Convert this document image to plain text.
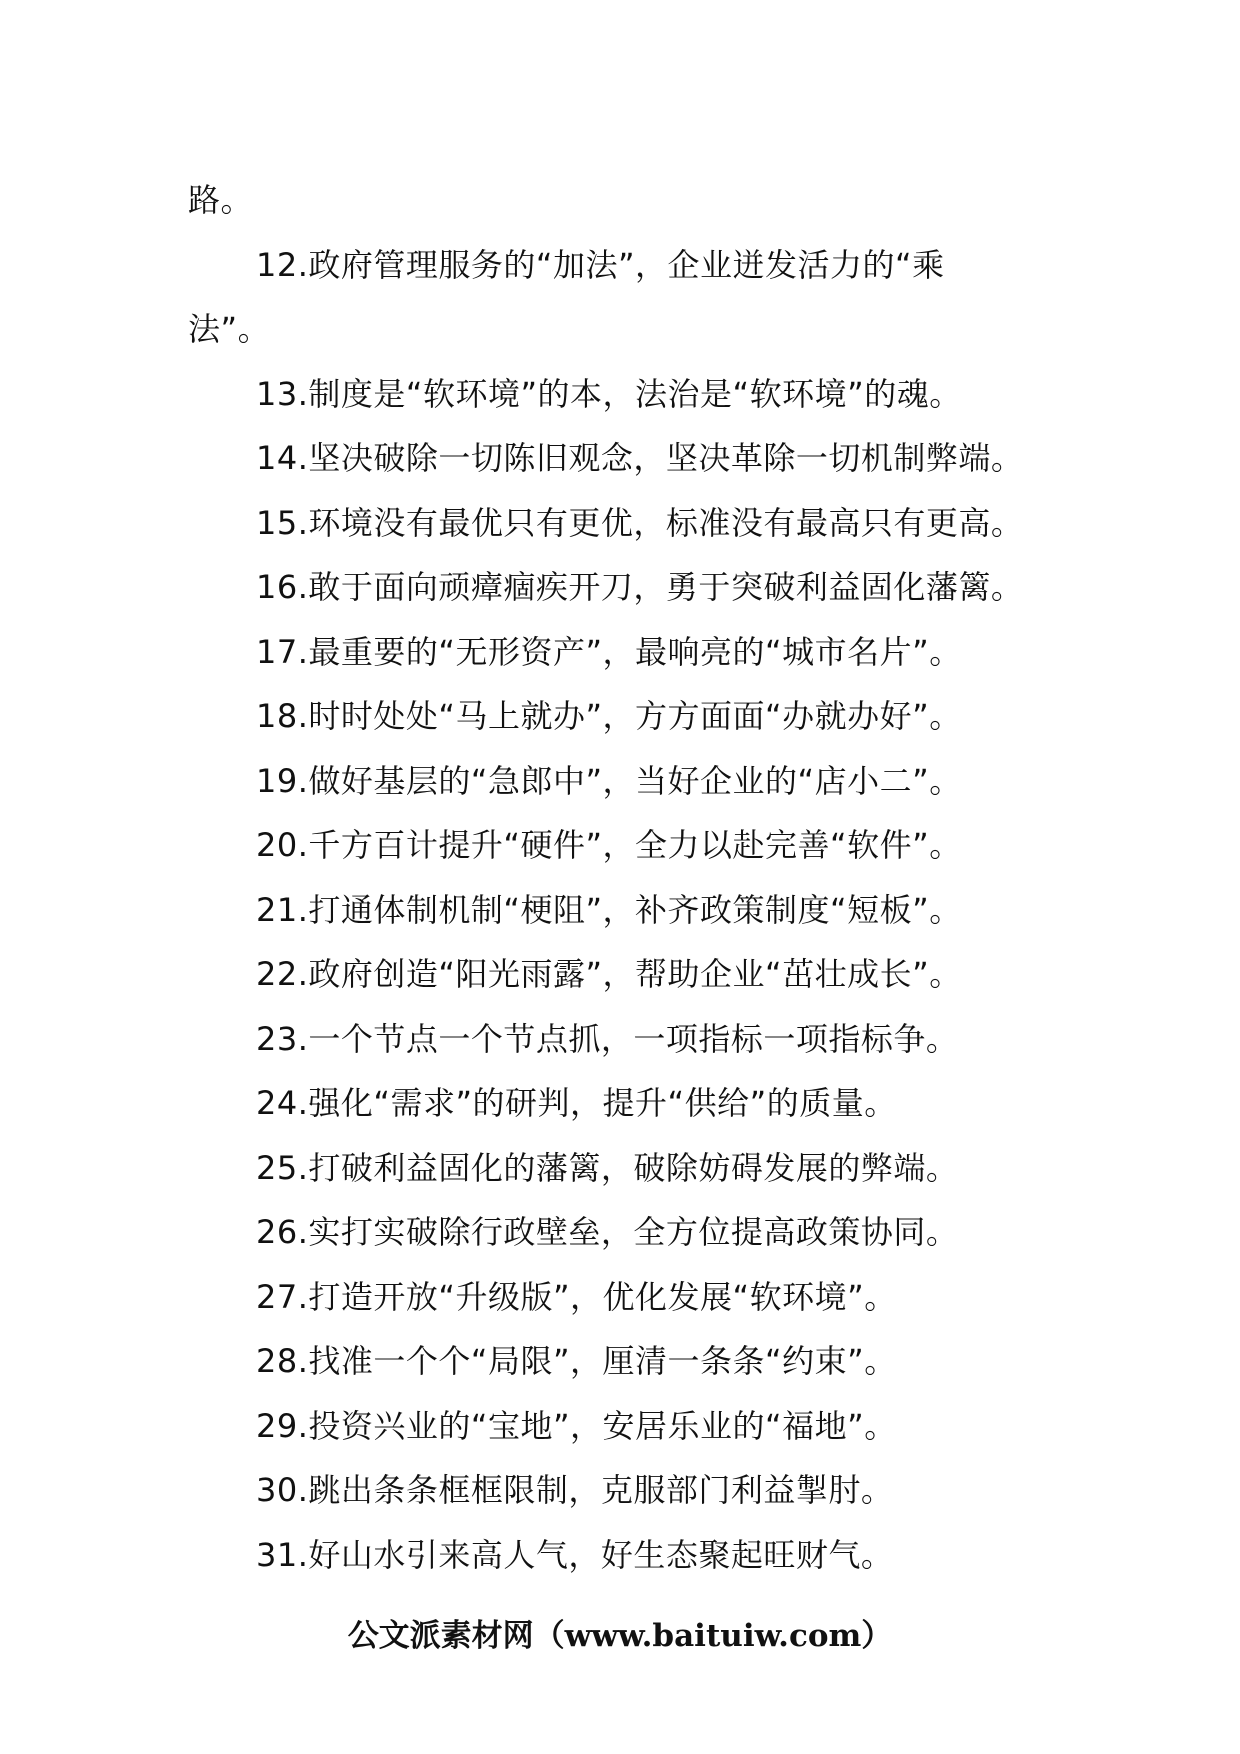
路。
12.政府管理服务的“加法”，企业迸发活力的“乘
法”。
13.制度是“软环境”的本，法治是“软环境”的魂。
14.坚决破除一切陈旧观念，坚决革除一切机制弊端。
15.环境没有最优只有更优，标准没有最高只有更高。
16.敢于面向顽瘴痼疾开刀，勇于突破利益固化藩篱。
17.最重要的“无形资产”，最响亮的“城市名片”。
18.时时处处“马上就办”，方方面面“办就办好”。
19.做好基层的“急郎中”，当好企业的“店小二”。
20.千方百计提升“硬件”，全力以赴完善“软件”。
21.打通体制机制“梗阻”，补齐政策制度“短板”。
22.政府创造“阳光雨露”，帮助企业“茁壮成长”。
23.一个节点一个节点抓，一项指标一项指标争。
24.强化“需求”的研判，提升“供给”的质量。
25.打破利益固化的藩篱，破除妨碍发展的弊端。
26.实打实破除行政壁垒，全方位提高政策协同。
27.打造开放“升级版”，优化发展“软环境”。
28.找准一个个“局限”，厘清一条条“约束”。
29.投资兴业的“宝地”，安居乐业的“福地”。
30.跳出条条框框限制，克服部门利益掣肘。
31.好山水引来高人气，好生态聚起旺财气。
公文派素材网（www.baituiw.com）
